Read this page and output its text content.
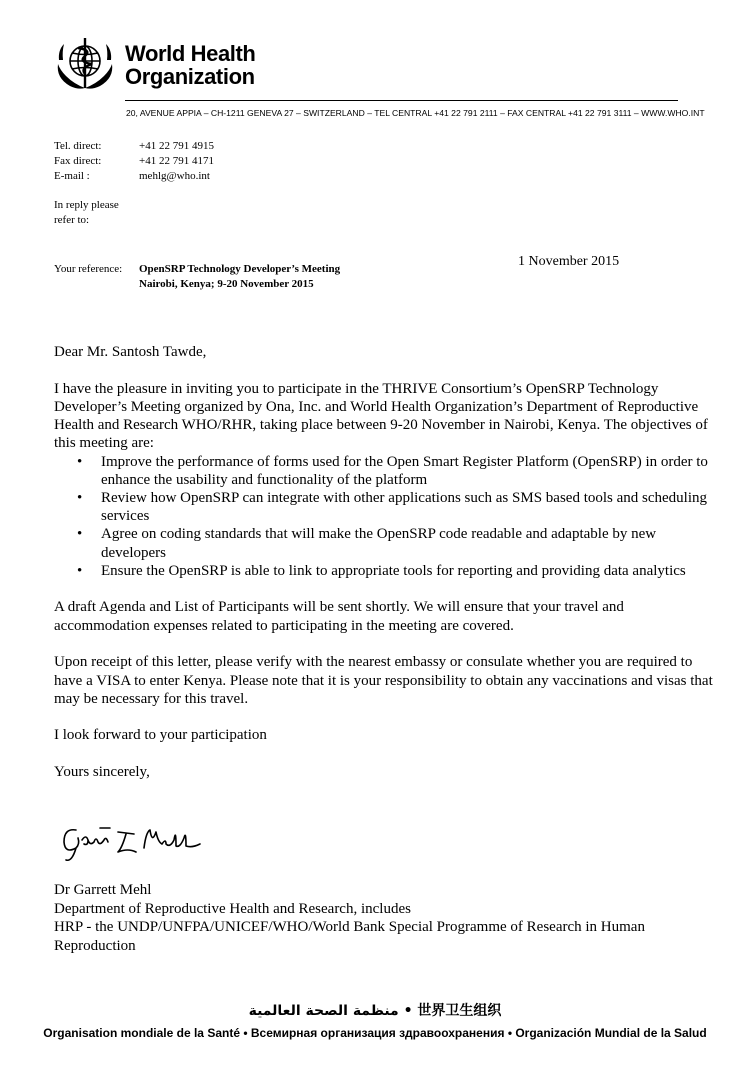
World Health
Organization
20, AVENUE APPIA – CH-1211 GENEVA 27 – SWITZERLAND – TEL CENTRAL +41 22 791 2111 – FAX CENTRAL +41 22 791 3111 – WWW.WHO.INT
Tel. direct:
Fax direct:
E-mail :
+41 22 791 4915
+41 22 791 4171
mehlg@who.int
In reply please
refer to:
Your reference: OpenSRP Technology Developer’s Meeting
Nairobi, Kenya; 9-20 November 2015
1 November 2015

Dear Mr. Santosh Tawde,

I have the pleasure in inviting you to participate in the THRIVE Consortium’s OpenSRP Technology Developer’s Meeting organized by Ona, Inc. and World Health Organization’s Department of Reproductive Health and Research WHO/RHR, taking place between 9-20 November in Nairobi, Kenya. The objectives of this meeting are:

• Improve the performance of forms used for the Open Smart Register Platform (OpenSRP) in order to enhance the usability and functionality of the platform
• Review how OpenSRP can integrate with other applications such as SMS based tools and scheduling services
• Agree on coding standards that will make the OpenSRP code readable and adaptable by new developers
• Ensure the OpenSRP is able to link to appropriate tools for reporting and providing data analytics

A draft Agenda and List of Participants will be sent shortly. We will ensure that your travel and accommodation expenses related to participating in the meeting are covered.

Upon receipt of this letter, please verify with the nearest embassy or consulate whether you are required to have a VISA to enter Kenya. Please note that it is your responsibility to obtain any vaccinations and visas that may be necessary for this travel.

I look forward to your participation

Yours sincerely,

Dr Garrett Mehl
Department of Reproductive Health and Research, includes
HRP - the UNDP/UNFPA/UNICEF/WHO/World Bank Special Programme of Research in Human Reproduction
منظمة الصحة العالمية • 世界卫生组织
Organisation mondiale de la Santé • Всемирная организация здравоохранения • Organización Mundial de la Salud
